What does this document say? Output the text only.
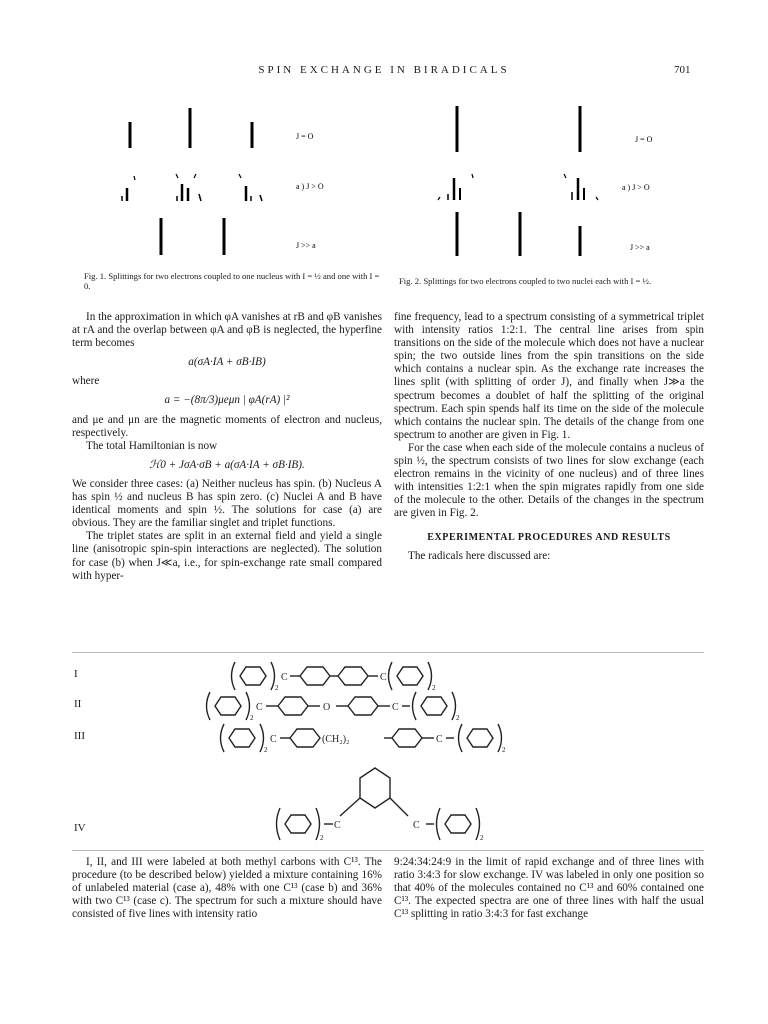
SPIN EXCHANGE IN BIRADICALS	701
J = O
a ) J > O
J >> a
Fig. 1. Splittings for two electrons coupled to one nucleus with I = ½ and one with I = 0.
J = O
a ) J > O
J >> a
Fig. 2. Splittings for two electrons coupled to two nuclei each with I = ½.

In the approximation in which φA vanishes at rB and φB vanishes at rA and the overlap between φA and φB is neglected, the hyperfine term becomes

a(σA·IA + σB·IB)

where

a = −(8π/3)μeμn | φA(rA) |²

and μe and μn are the magnetic moments of electron and nucleus, respectively.

The total Hamiltonian is now

ℋ0 + JσA·σB + a(σA·IA + σB·IB).

We consider three cases: (a) Neither nucleus has spin. (b) Nucleus A has spin ½ and nucleus B has spin zero. (c) Nuclei A and B have identical moments and spin ½. The solutions for case (a) are obvious. They are the familiar singlet and triplet functions.

The triplet states are split in an external field and yield a single line (anisotropic spin-spin interactions are neglected). The solution for case (b) when J≪a, i.e., for spin-exchange rate small compared with hyper-

fine frequency, lead to a spectrum consisting of a symmetrical triplet with intensity ratios 1:2:1. The central line arises from spin transitions on the side of the molecule which does not have a nuclear spin; the two outside lines from the spin transitions on the side which contains a nuclear spin. As the exchange rate increases the lines split (with splitting of order J), and finally when J≫a the spectrum becomes a doublet of half the splitting of the original spectrum. Each spin spends half its time on the side of the molecule which contains the nuclear spin. The details of the change from one spectrum to another are given in Fig. 1.

For the case when each side of the molecule contains a nucleus of spin ½, the spectrum consists of two lines for slow exchange (each electron remains in the vicinity of one nucleus) and of three lines with intensities 1:2:1 when the spin migrates rapidly from one side of the molecule to the other. Details of the changes in the spectrum are given in Fig. 2.

EXPERIMENTAL PROCEDURES AND RESULTS

The radicals here discussed are:

I
II
III
IV
2
C	C
2
2
C	O	C
2
2
C	(CH₂)₂	C
2
2
C	C
2

I, II, and III were labeled at both methyl carbons with C¹³. The procedure (to be described below) yielded a mixture containing 16% of unlabeled material (case a), 48% with one C¹³ (case b) and 36% with two C¹³ (case c). The spectrum for such a mixture should have consisted of five lines with intensity ratio

9:24:34:24:9 in the limit of rapid exchange and of three lines with ratio 3:4:3 for slow exchange. IV was labeled in only one position so that 40% of the molecules contained no C¹³ and 60% contained one C¹³. The expected spectra are one of three lines with half the usual C¹³ splitting in ratio 3:4:3 for fast exchange
